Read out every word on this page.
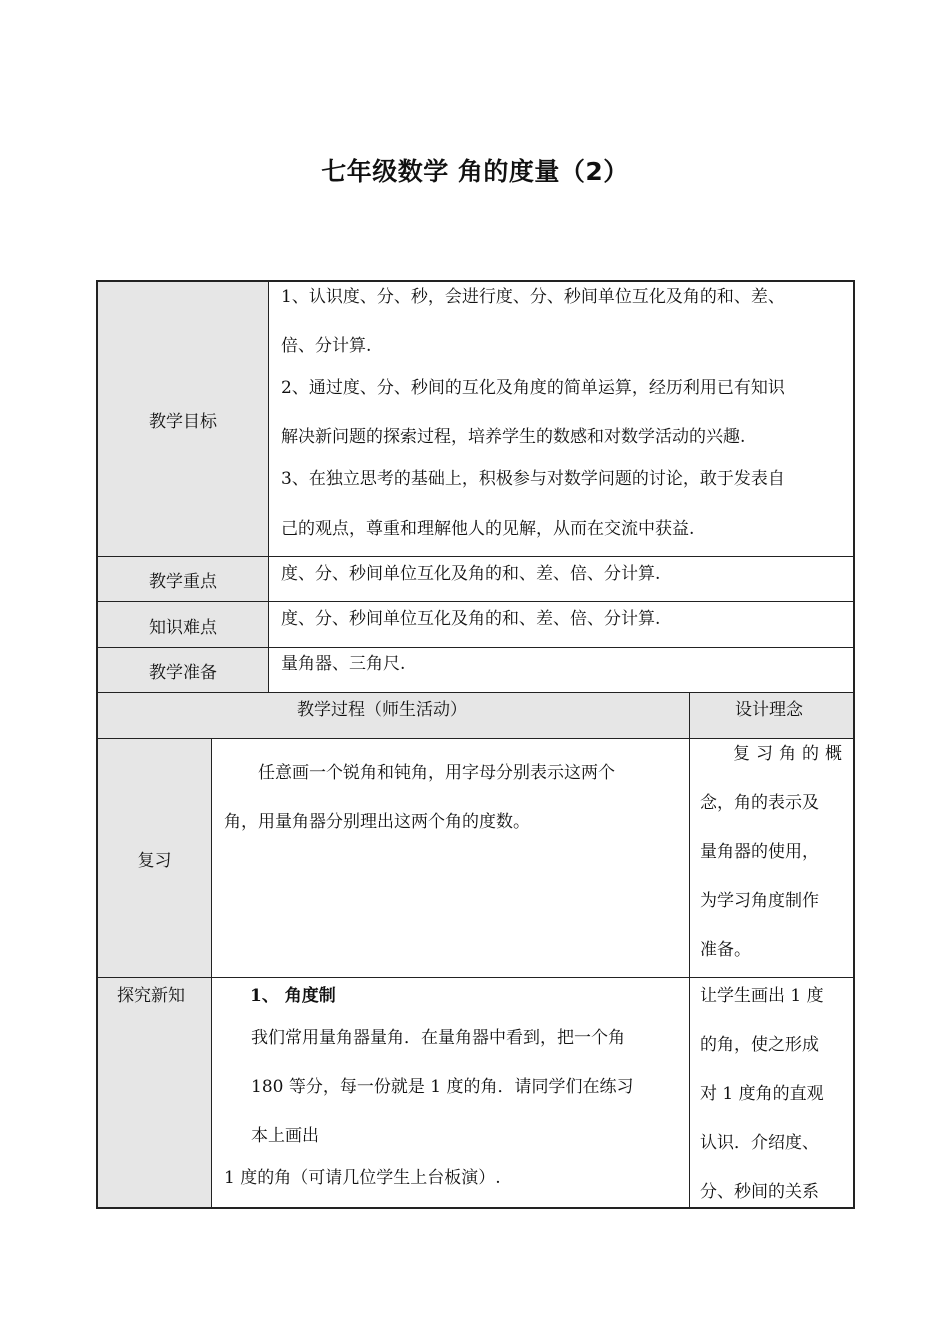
七年级数学 角的度量（2）
教学目标
教学重点
知识难点
教学准备
教学过程（师生活动）	设计理念
复习
探究新知
1、认识度、分、秒，会进行度、分、秒间单位互化及角的和、差、
倍、分计算.
2、通过度、分、秒间的互化及角度的简单运算，经历利用已有知识
解决新问题的探索过程，培养学生的数感和对数学活动的兴趣.
3、在独立思考的基础上，积极参与对数学问题的讨论，敢于发表自
己的观点，尊重和理解他人的见解，从而在交流中获益.
度、分、秒间单位互化及角的和、差、倍、分计算.
度、分、秒间单位互化及角的和、差、倍、分计算.
量角器、三角尺.
任意画一个锐角和钝角，用字母分别表示这两个
角，用量角器分别理出这两个角的度数。
复习角的概
念，角的表示及
量角器的使用，
为学习角度制作
准备。
1、 角度制
我们常用量角器量角．在量角器中看到，把一个角
180 等分，每一份就是 1 度的角．请同学们在练习
本上画出
1 度的角（可请几位学生上台板演）.
让学生画出 1 度
的角，使之形成
对 1 度角的直观
认识．介绍度、
分、秒间的关系
